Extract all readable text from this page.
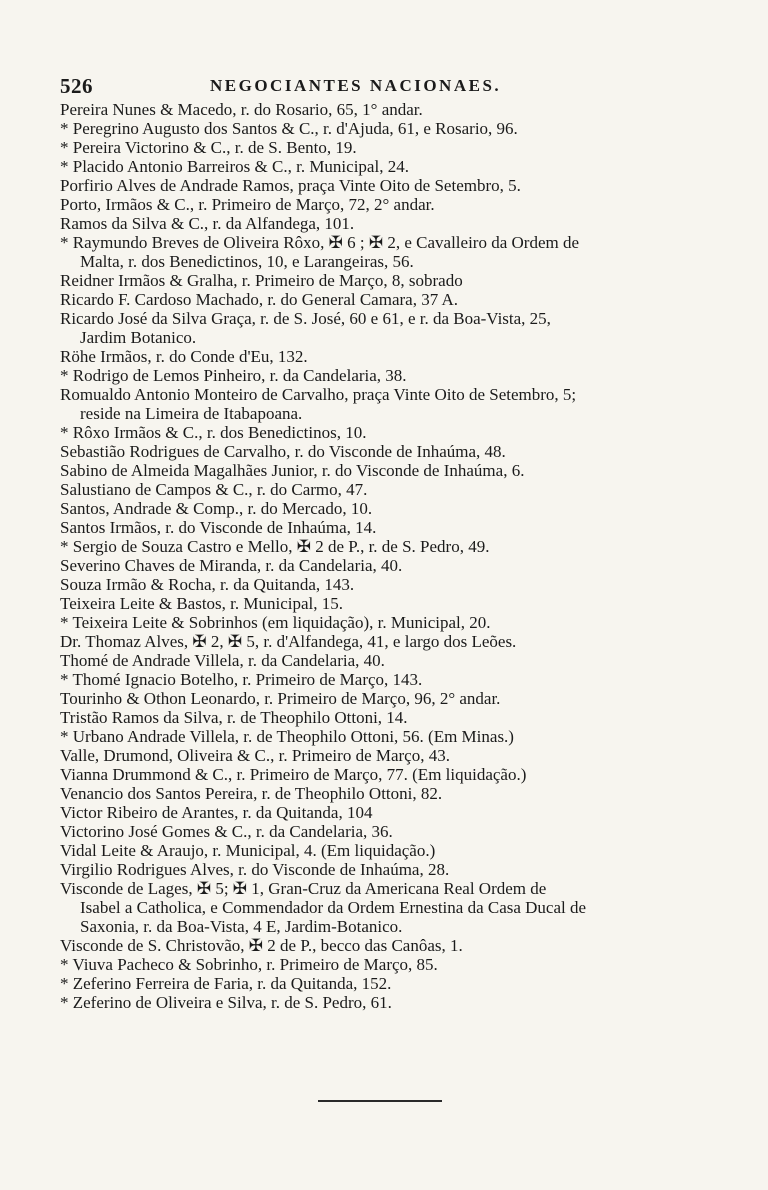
526	NEGOCIANTES NACIONAES.
Pereira Nunes & Macedo, r. do Rosario, 65, 1° andar.
* Peregrino Augusto dos Santos & C., r. d'Ajuda, 61, e Rosario, 96.
* Pereira Victorino & C., r. de S. Bento, 19.
* Placido Antonio Barreiros & C., r. Municipal, 24.
Porfirio Alves de Andrade Ramos, praça Vinte Oito de Setembro, 5.
Porto, Irmãos & C., r. Primeiro de Março, 72, 2° andar.
Ramos da Silva & C., r. da Alfandega, 101.
* Raymundo Breves de Oliveira Rôxo, ✠ 6 ; ✠ 2, e Cavalleiro da Ordem de
Malta, r. dos Benedictinos, 10, e Larangeiras, 56.
Reidner Irmãos & Gralha, r. Primeiro de Março, 8, sobrado
Ricardo F. Cardoso Machado, r. do General Camara, 37 A.
Ricardo José da Silva Graça, r. de S. José, 60 e 61, e r. da Boa-Vista, 25,
Jardim Botanico.
Röhe Irmãos, r. do Conde d'Eu, 132.
* Rodrigo de Lemos Pinheiro, r. da Candelaria, 38.
Romualdo Antonio Monteiro de Carvalho, praça Vinte Oito de Setembro, 5;
reside na Limeira de Itabapoana.
* Rôxo Irmãos & C., r. dos Benedictinos, 10.
Sebastião Rodrigues de Carvalho, r. do Visconde de Inhaúma, 48.
Sabino de Almeida Magalhães Junior, r. do Visconde de Inhaúma, 6.
Salustiano de Campos & C., r. do Carmo, 47.
Santos, Andrade & Comp., r. do Mercado, 10.
Santos Irmãos, r. do Visconde de Inhaúma, 14.
* Sergio de Souza Castro e Mello, ✠ 2 de P., r. de S. Pedro, 49.
Severino Chaves de Miranda, r. da Candelaria, 40.
Souza Irmão & Rocha, r. da Quitanda, 143.
Teixeira Leite & Bastos, r. Municipal, 15.
* Teixeira Leite & Sobrinhos (em liquidação), r. Municipal, 20.
Dr. Thomaz Alves, ✠ 2, ✠ 5, r. d'Alfandega, 41, e largo dos Leões.
Thomé de Andrade Villela, r. da Candelaria, 40.
* Thomé Ignacio Botelho, r. Primeiro de Março, 143.
Tourinho & Othon Leonardo, r. Primeiro de Março, 96, 2° andar.
Tristão Ramos da Silva, r. de Theophilo Ottoni, 14.
* Urbano Andrade Villela, r. de Theophilo Ottoni, 56. (Em Minas.)
Valle, Drumond, Oliveira & C., r. Primeiro de Março, 43.
Vianna Drummond & C., r. Primeiro de Março, 77. (Em liquidação.)
Venancio dos Santos Pereira, r. de Theophilo Ottoni, 82.
Victor Ribeiro de Arantes, r. da Quitanda, 104
Victorino José Gomes & C., r. da Candelaria, 36.
Vidal Leite & Araujo, r. Municipal, 4. (Em liquidação.)
Virgilio Rodrigues Alves, r. do Visconde de Inhaúma, 28.
Visconde de Lages, ✠ 5; ✠ 1, Gran-Cruz da Americana Real Ordem de
Isabel a Catholica, e Commendador da Ordem Ernestina da Casa Ducal de
Saxonia, r. da Boa-Vista, 4 E, Jardim-Botanico.
Visconde de S. Christovão, ✠ 2 de P., becco das Canôas, 1.
* Viuva Pacheco & Sobrinho, r. Primeiro de Março, 85.
* Zeferino Ferreira de Faria, r. da Quitanda, 152.
* Zeferino de Oliveira e Silva, r. de S. Pedro, 61.
